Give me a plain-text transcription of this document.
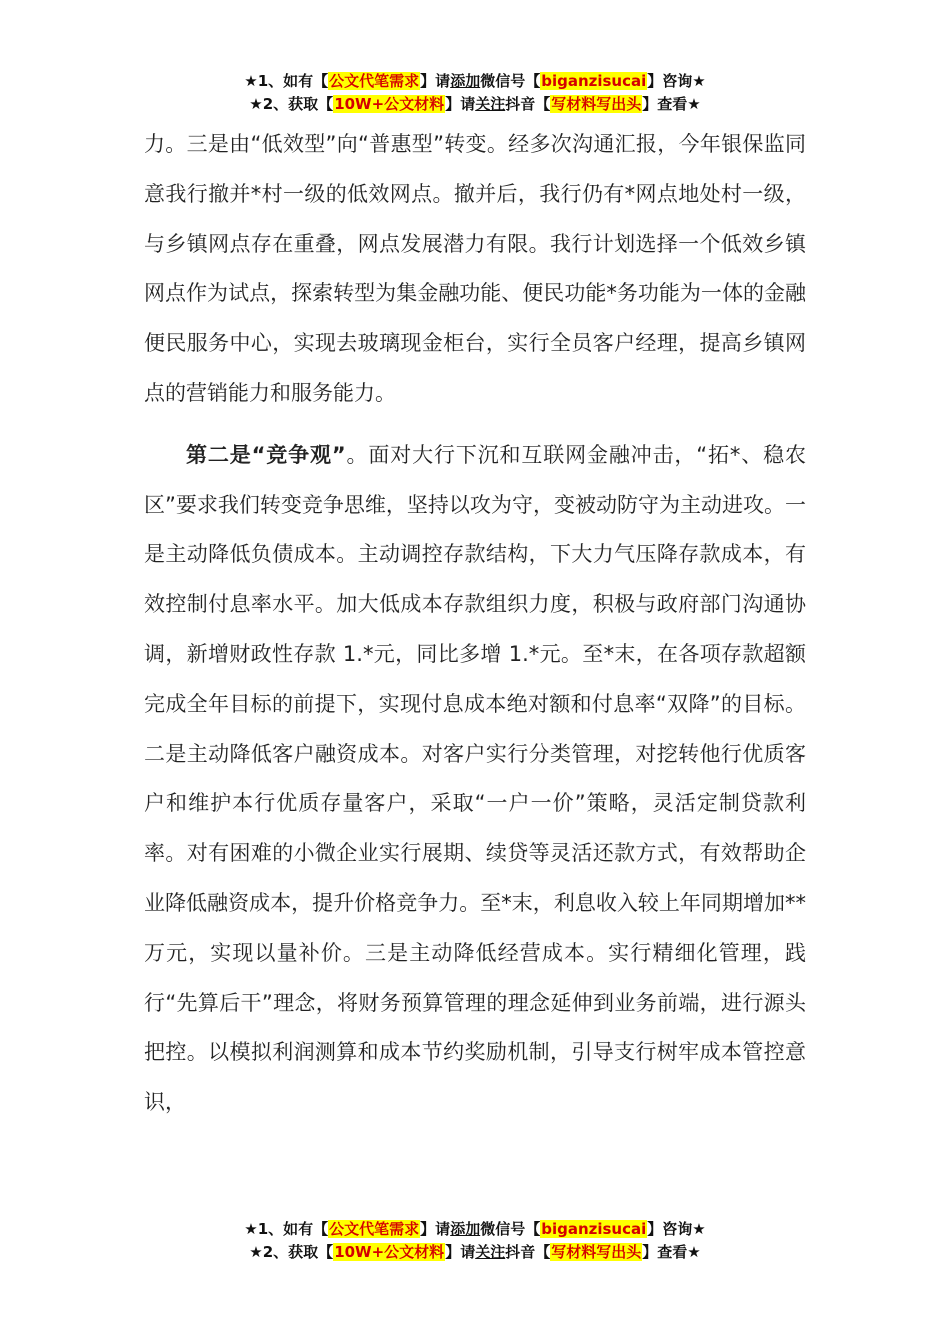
★1、如有【公文代笔需求】请添加微信号【biganzisucai】咨询★
★2、获取【10W+公文材料】请关注抖音【写材料写出头】查看★

力。三是由“低效型”向“普惠型”转变。经多次沟通汇报，今年银保监同意我行撤并*村一级的低效网点。撤并后，我行仍有*网点地处村一级，与乡镇网点存在重叠，网点发展潜力有限。我行计划选择一个低效乡镇网点作为试点，探索转型为集金融功能、便民功能*务功能为一体的金融便民服务中心，实现去玻璃现金柜台，实行全员客户经理，提高乡镇网点的营销能力和服务能力。

第二是“竞争观”。面对大行下沉和互联网金融冲击，“拓*、稳农区”要求我们转变竞争思维，坚持以攻为守，变被动防守为主动进攻。一是主动降低负债成本。主动调控存款结构，下大力气压降存款成本，有效控制付息率水平。加大低成本存款组织力度，积极与政府部门沟通协调，新增财政性存款 1.*元，同比多增 1.*元。至*末，在各项存款超额完成全年目标的前提下，实现付息成本绝对额和付息率“双降”的目标。二是主动降低客户融资成本。对客户实行分类管理，对挖转他行优质客户和维护本行优质存量客户，采取“一户一价”策略，灵活定制贷款利率。对有困难的小微企业实行展期、续贷等灵活还款方式，有效帮助企业降低融资成本，提升价格竞争力。至*末，利息收入较上年同期增加**万元，实现以量补价。三是主动降低经营成本。实行精细化管理，践行“先算后干”理念，将财务预算管理的理念延伸到业务前端，进行源头把控。以模拟利润测算和成本节约奖励机制，引导支行树牢成本管控意识，

★1、如有【公文代笔需求】请添加微信号【biganzisucai】咨询★
★2、获取【10W+公文材料】请关注抖音【写材料写出头】查看★
